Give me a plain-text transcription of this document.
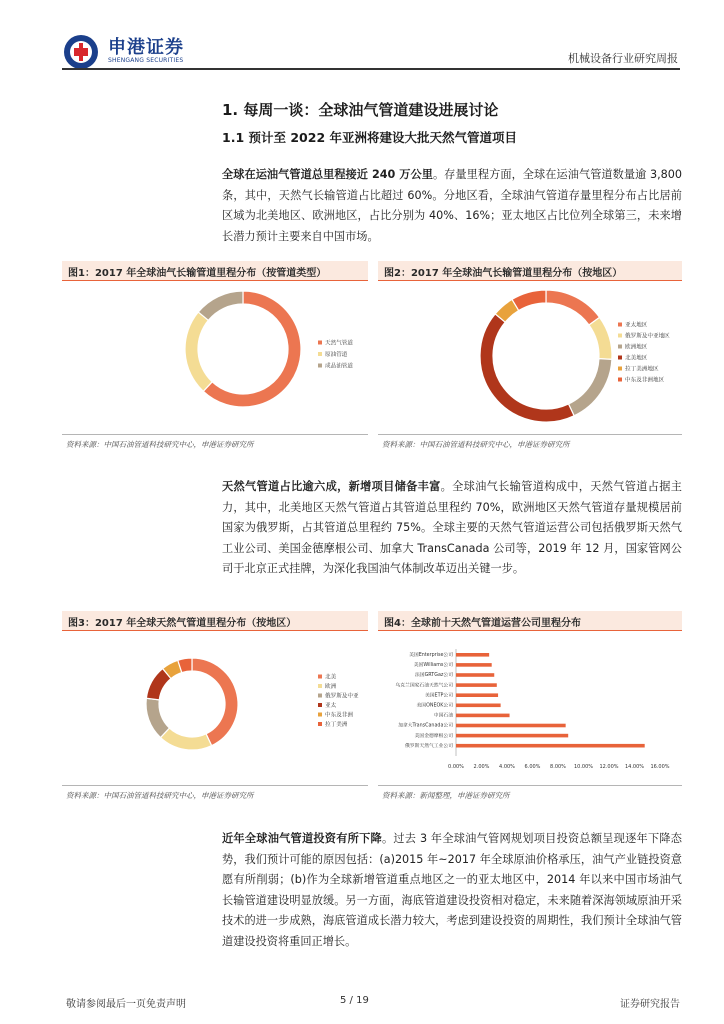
申港证券
SHENGANG SECURITIES	机械设备行业研究周报
1. 每周一谈：全球油气管道建设进展讨论
1.1 预计至 2022 年亚洲将建设大批天然气管道项目
全球在运油气管道总里程接近 240 万公里。存量里程方面，全球在运油气管道数量逾 3,800 条，其中，天然气长输管道占比超过 60%。分地区看，全球油气管道存量里程分布占比居前区域为北美地区、欧洲地区，占比分别为 40%、16%；亚太地区占比位列全球第三，未来增长潜力预计主要来自中国市场。
图1：2017 年全球油气长输管道里程分布（按管道类型）
天然气管道
原油管道
成品油管道
资料来源：中国石油管道科技研究中心，申港证券研究所
图2：2017 年全球油气长输管道里程分布（按地区）
亚太地区
俄罗斯及中亚地区
欧洲地区
北美地区
拉丁美洲地区
中东及非洲地区
资料来源：中国石油管道科技研究中心，申港证券研究所
天然气管道占比逾六成，新增项目储备丰富。全球油气长输管道构成中，天然气管道占据主力，其中，北美地区天然气管道占其管道总里程约 70%，欧洲地区天然气管道存量规模居前国家为俄罗斯，占其管道总里程约 75%。全球主要的天然气管道运营公司包括俄罗斯天然气工业公司、美国金德摩根公司、加拿大 TransCanada 公司等，2019 年 12 月，国家管网公司于北京正式挂牌，为深化我国油气体制改革迈出关键一步。
图3：2017 年全球天然气管道里程分布（按地区）
北美
欧洲
俄罗斯及中亚
亚太
中东及非洲
拉丁美洲
资料来源：中国石油管道科技研究中心，申港证券研究所
图4：全球前十天然气管道运营公司里程分布
美国Enterprise公司
美国Williams公司
法国GRTGaz公司
乌克兰国家石油天然气公司
美国ETP公司
美国ONEOK公司
中国石油
加拿大TransCanada公司
美国金德摩根公司
俄罗斯天然气工业公司
0.00% 2.00% 4.00% 6.00% 8.00% 10.00% 12.00% 14.00% 16.00%
资料来源：新闻整理，申港证券研究所
近年全球油气管道投资有所下降。过去 3 年全球油气管网规划项目投资总额呈现逐年下降态势，我们预计可能的原因包括：(a)2015 年~2017 年全球原油价格承压，油气产业链投资意愿有所削弱；(b)作为全球新增管道重点地区之一的亚太地区中，2014 年以来中国市场油气长输管道建设明显放缓。另一方面，海底管道建设投资相对稳定，未来随着深海领域原油开采技术的进一步成熟，海底管道成长潜力较大，考虑到建设投资的周期性，我们预计全球油气管道建设投资将重回正增长。
敬请参阅最后一页免责声明	5 / 19	证券研究报告
